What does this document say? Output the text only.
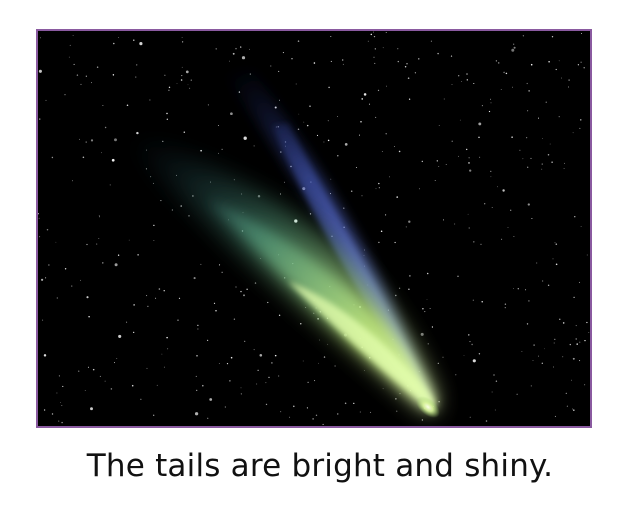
The tails are bright and shiny.
